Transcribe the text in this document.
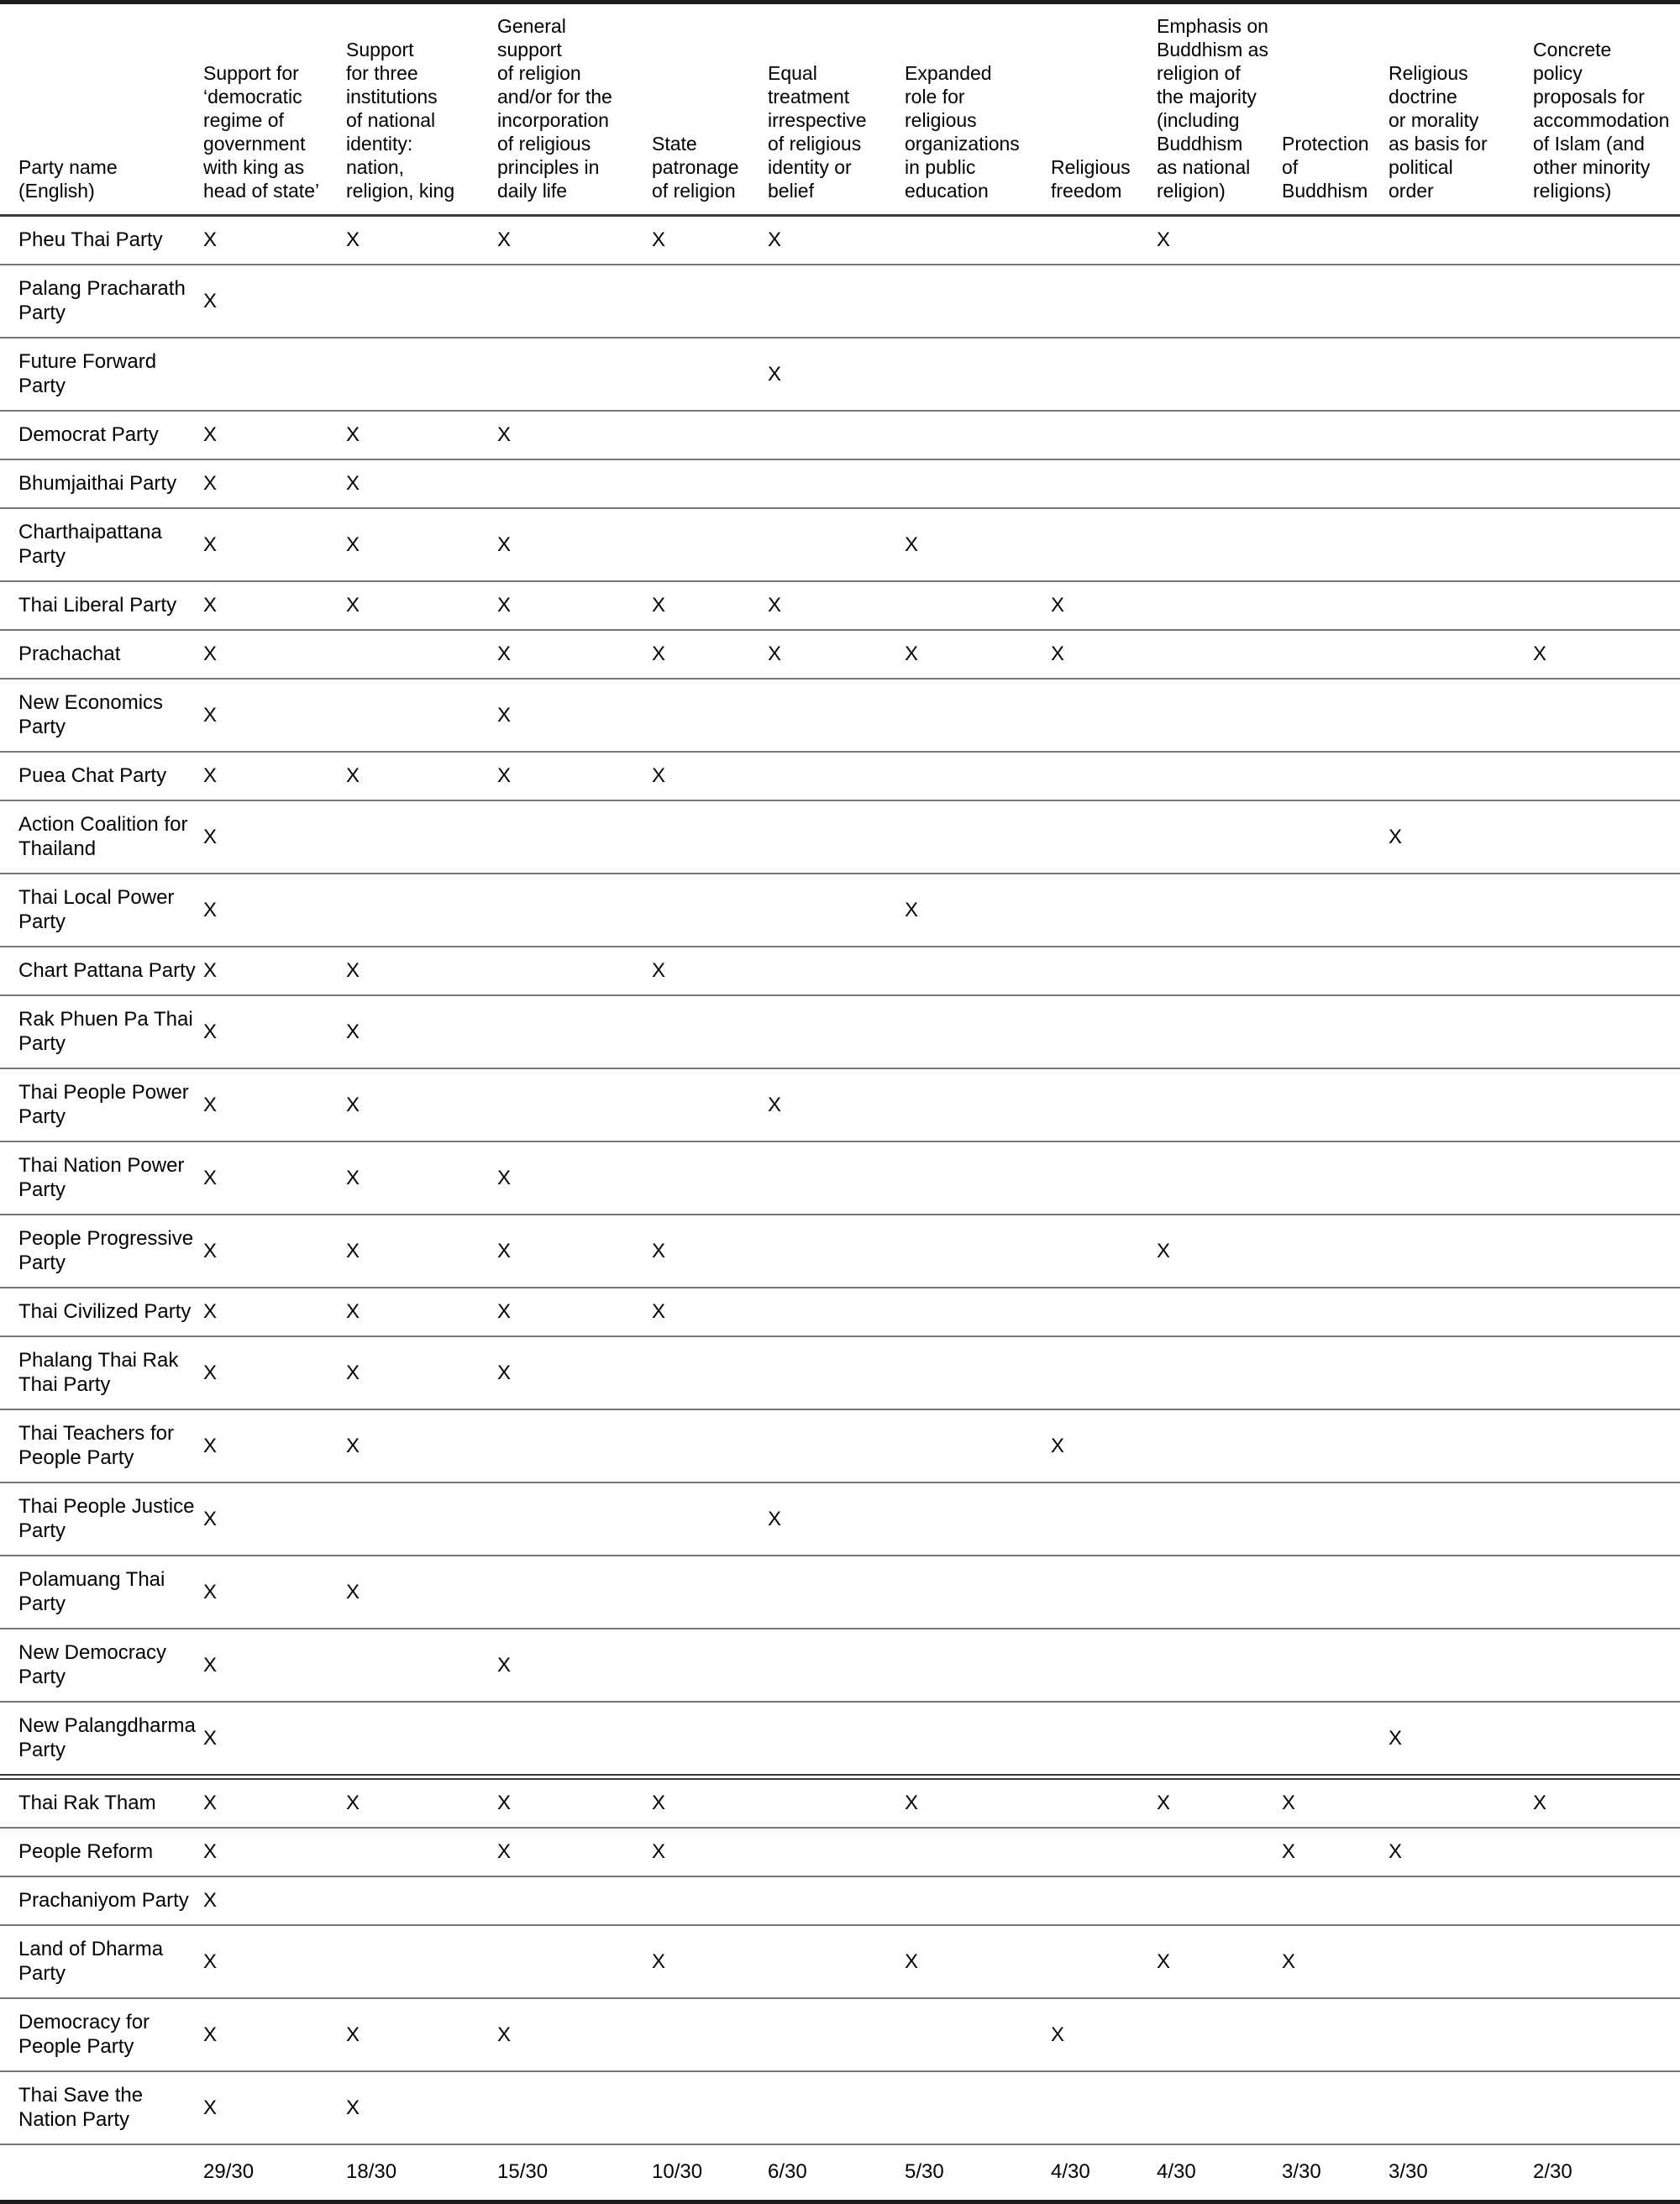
Party name (English)	Support for
‘democratic
regime of
government
with king as
head of state’	Support
for three
institutions
of national
identity:
nation,
religion, king	General
support
of religion
and/or for the
incorporation
of religious
principles in
daily life	State
patronage
of religion	Equal
treatment
irrespective
of religious
identity or
belief	Expanded
role for
religious
organizations
in public
education	Religious
freedom	Emphasis on
Buddhism as
religion of
the majority
(including
Buddhism
as national
religion)	Protection
of Buddhism	Religious
doctrine
or morality
as basis for
political
order	Concrete
policy
proposals for
accommodation
of Islam (and
other minority
religions)
Pheu Thai Party	X	X	X	X	X			X			
Palang Pracharath
Party	X										
Future Forward
Party					X						
Democrat Party	X	X	X								
Bhumjaithai Party	X	X									
Charthaipattana
Party	X	X	X			X					
Thai Liberal Party	X	X	X	X	X		X				
Prachachat	X		X	X	X	X	X				X
New Economics
Party	X		X								
Puea Chat Party	X	X	X	X							
Action Coalition for
Thailand	X									X	
Thai Local Power
Party	X					X					
Chart Pattana Party	X	X		X							
Rak Phuen Pa Thai
Party	X	X									
Thai People Power
Party	X	X			X						
Thai Nation Power
Party	X	X	X								
People Progressive
Party	X	X	X	X				X			
Thai Civilized Party	X	X	X	X							
Phalang Thai Rak
Thai Party	X	X	X								
Thai Teachers for
People Party	X	X					X				
Thai People Justice
Party	X				X						
Polamuang Thai
Party	X	X									
New Democracy
Party	X		X								
New Palangdharma
Party	X									X	
Thai Rak Tham	X	X	X	X		X		X	X		X
People Reform	X		X	X					X	X	
Prachaniyom Party	X										
Land of Dharma
Party	X			X		X		X	X		
Democracy for
People Party	X	X	X				X				
Thai Save the
Nation Party	X	X									
	29/30	18/30	15/30	10/30	6/30	5/30	4/30	4/30	3/30	3/30	2/30
